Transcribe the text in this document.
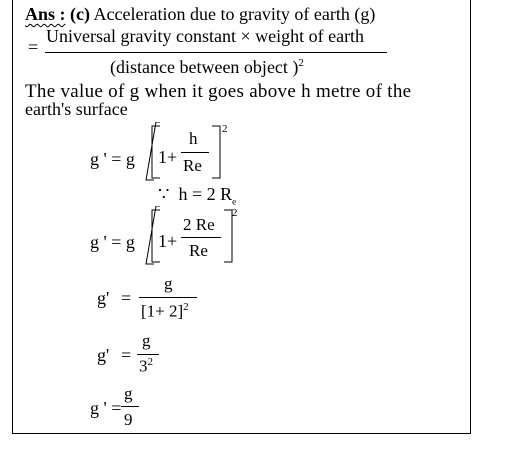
Ans : (c) Acceleration due to gravity of earth (g)
=
Universal gravity constant × weight of earth
(distance between object )$^2$
The value of g when it goes above h metre of the
earth's surface
g ' = g 1+
h
Re
2
∵ h = 2 $R_e$
g ' = g 1+
2 Re
Re
2
g' =
g
$[1+ 2]^2$
g' =
g
$3^2$
g ' =
g
9
